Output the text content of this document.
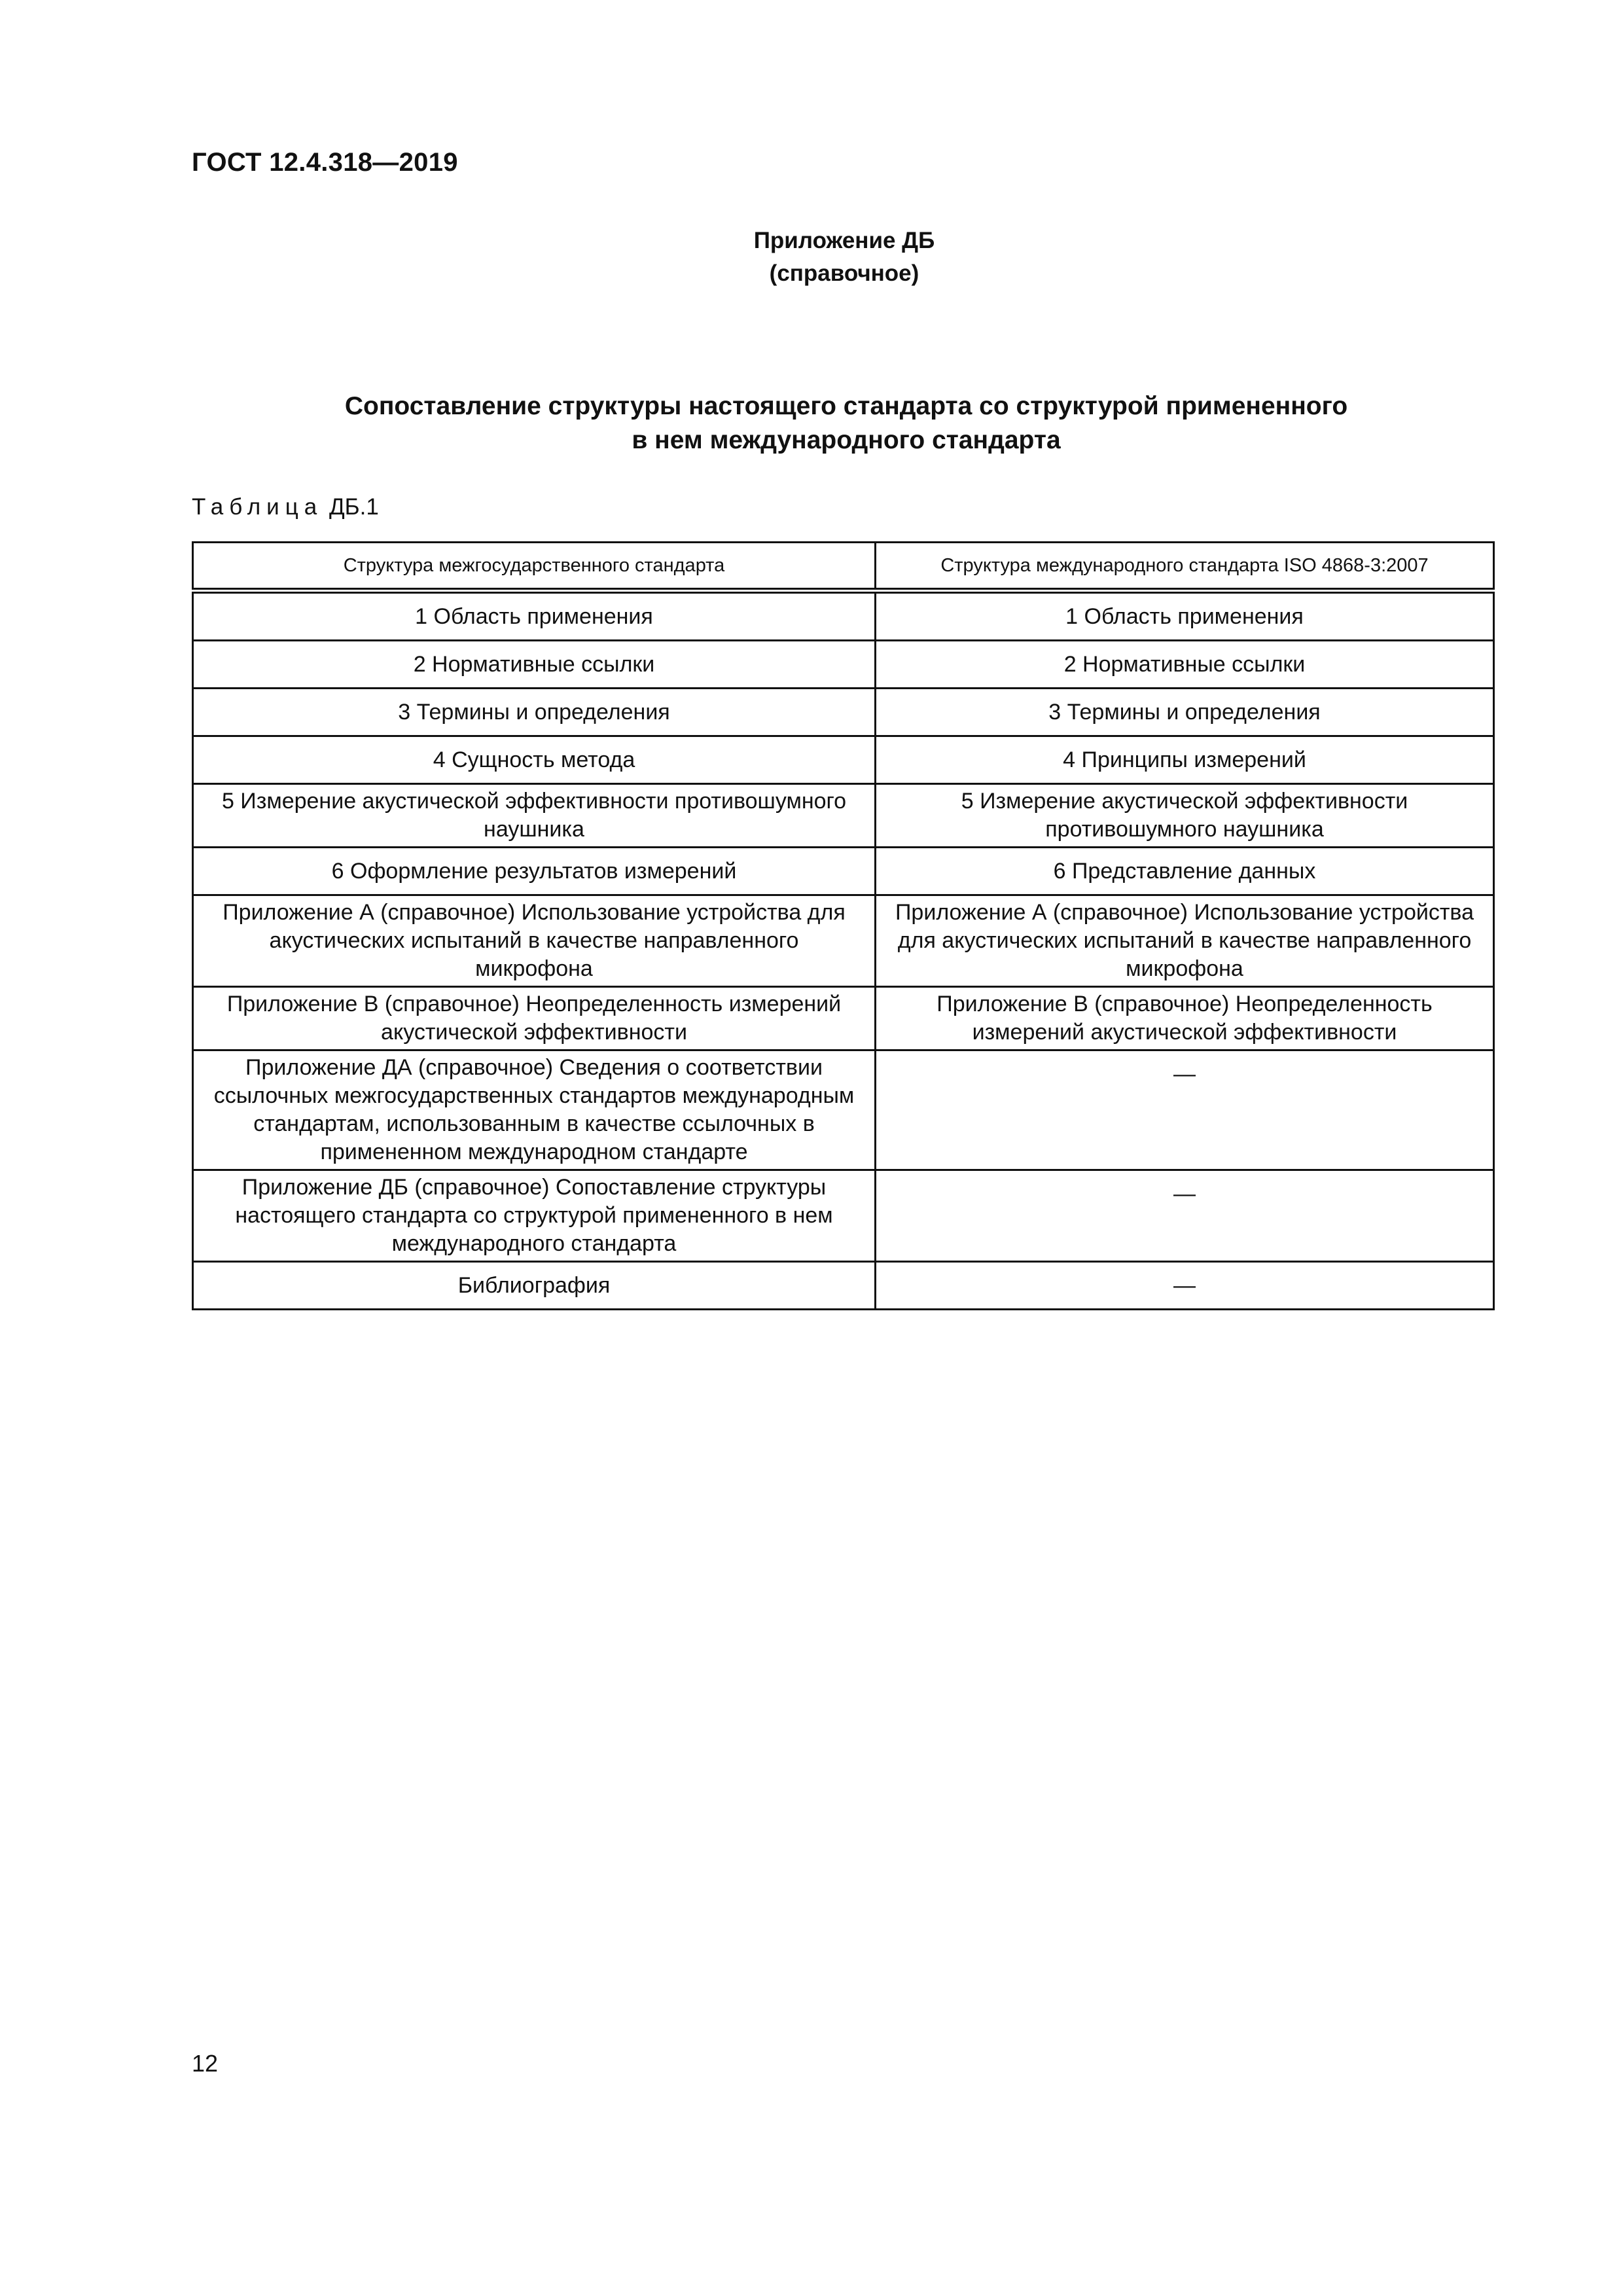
ГОСТ 12.4.318—2019
Приложение ДБ
(справочное)
Сопоставление структуры настоящего стандарта со структурой примененного
в нем международного стандарта
Таблица ДБ.1
Структура межгосударственного стандарта	Структура международного стандарта ISO 4868-3:2007
1 Область применения	1 Область применения
2 Нормативные ссылки	2 Нормативные ссылки
3 Термины и определения	3 Термины и определения
4 Сущность метода	4 Принципы измерений
5 Измерение акустической эффективности противошумного наушника	5 Измерение акустической эффективности противошумного наушника
6 Оформление результатов измерений	6 Представление данных
Приложение А (справочное) Использование устройства для акустических испытаний в качестве направленного микрофона	Приложение А (справочное) Использование устройства для акустических испытаний в качестве направленного микрофона
Приложение В (справочное) Неопределенность измерений акустической эффективности	Приложение В (справочное) Неопределенность измерений акустической эффективности
Приложение ДА (справочное) Сведения о соответствии ссылочных межгосударственных стандартов международным стандартам, использованным в качестве ссылочных в примененном международном стандарте	—
Приложение ДБ (справочное) Сопоставление структуры настоящего стандарта со структурой примененного в нем международного стандарта	—
Библиография	—
12
